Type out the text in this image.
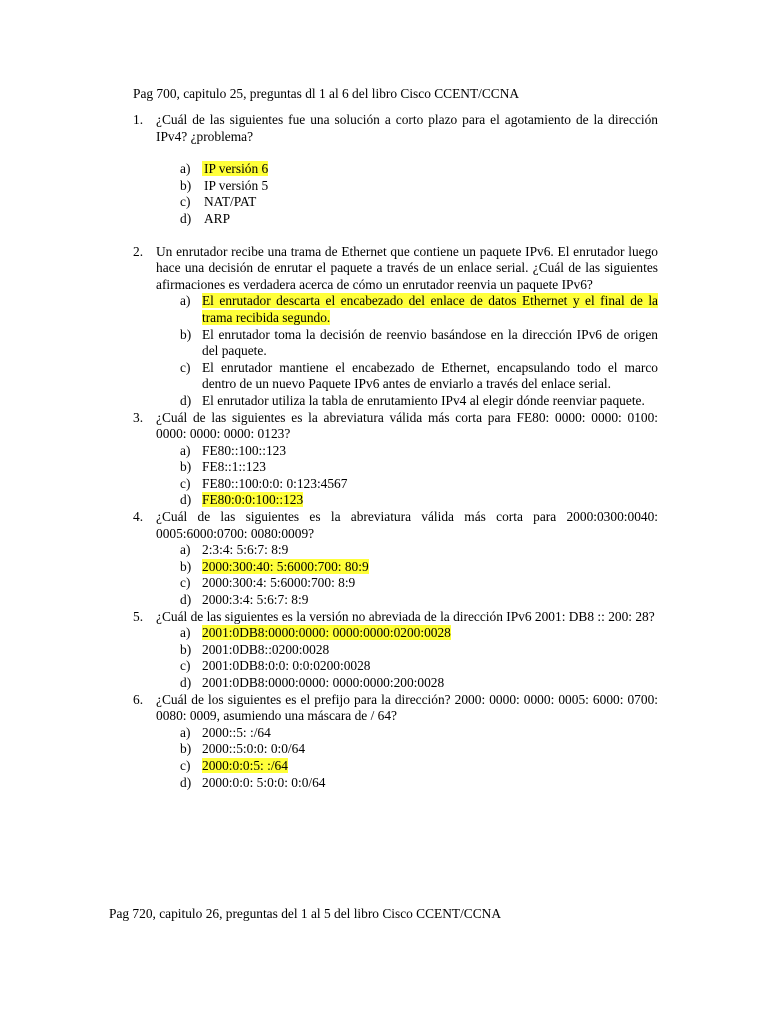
Pag 700, capitulo 25, preguntas dl 1 al 6 del libro Cisco CCENT/CCNA
1. ¿Cuál de las siguientes fue una solución a corto plazo para el agotamiento de la dirección IPv4? ¿problema?
a) IP versión 6
b) IP versión 5
c) NAT/PAT
d) ARP
2. Un enrutador recibe una trama de Ethernet que contiene un paquete IPv6. El enrutador luego hace una decisión de enrutar el paquete a través de un enlace serial. ¿Cuál de las siguientes afirmaciones es verdadera acerca de cómo un enrutador reenvia un paquete IPv6?
a) El enrutador descarta el encabezado del enlace de datos Ethernet y el final de la trama recibida segundo.
b) El enrutador toma la decisión de reenvio basándose en la dirección IPv6 de origen del paquete.
c) El enrutador mantiene el encabezado de Ethernet, encapsulando todo el marco dentro de un nuevo Paquete IPv6 antes de enviarlo a través del enlace serial.
d) El enrutador utiliza la tabla de enrutamiento IPv4 al elegir dónde reenviar paquete.
3. ¿Cuál de las siguientes es la abreviatura válida más corta para FE80: 0000: 0000: 0100: 0000: 0000: 0000: 0123?
a) FE80::100::123
b) FE8::1::123
c) FE80::100:0:0: 0:123:4567
d) FE80:0:0:100::123
4. ¿Cuál de las siguientes es la abreviatura válida más corta para 2000:0300:0040: 0005:6000:0700: 0080:0009?
a) 2:3:4: 5:6:7: 8:9
b) 2000:300:40: 5:6000:700: 80:9
c) 2000:300:4: 5:6000:700: 8:9
d) 2000:3:4: 5:6:7: 8:9
5. ¿Cuál de las siguientes es la versión no abreviada de la dirección IPv6 2001: DB8 :: 200: 28?
a) 2001:0DB8:0000:0000: 0000:0000:0200:0028
b) 2001:0DB8::0200:0028
c) 2001:0DB8:0:0: 0:0:0200:0028
d) 2001:0DB8:0000:0000: 0000:0000:200:0028
6. ¿Cuál de los siguientes es el prefijo para la dirección? 2000: 0000: 0000: 0005: 6000: 0700: 0080: 0009, asumiendo una máscara de / 64?
a) 2000::5: :/64
b) 2000::5:0:0: 0:0/64
c) 2000:0:0:5: :/64
d) 2000:0:0: 5:0:0: 0:0/64
Pag 720, capitulo 26, preguntas del 1 al 5 del libro Cisco CCENT/CCNA
